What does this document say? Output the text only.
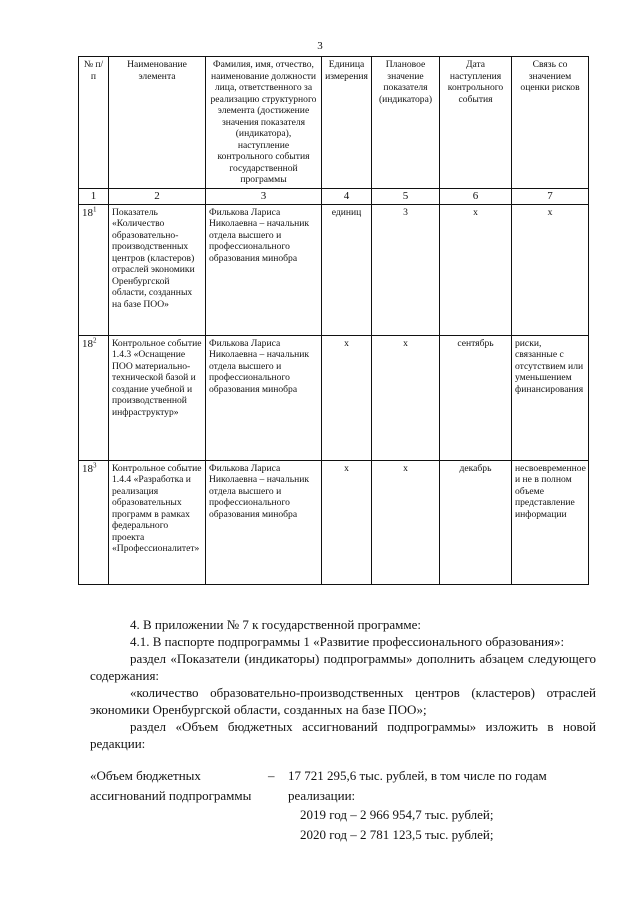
3
№ п/п	Наименование элемента	Фамилия, имя, отчество, наименование должности лица, ответственного за реализацию структурного элемента (достижение значения показателя (индикатора), наступление контрольного события государственной программы	Единица измерения	Плановое значение показателя (индикатора)	Дата наступления контрольного события	Связь со значением оценки рисков
1	2	3	4	5	6	7
$18^1$	Показатель «Количество образовательно-производственных центров (кластеров) отраслей экономики Оренбургской области, созданных на базе ПОО»	Филькова Лариса Николаевна – начальник отдела высшего и профессионального образования минобра	единиц	3	х	х
$18^2$	Контрольное событие 1.4.3 «Оснащение ПОО материально-технической базой и создание учебной и производственной инфраструктур»	Филькова Лариса Николаевна – начальник отдела высшего и профессионального образования минобра	х	х	сентябрь	риски, связанные с отсутствием или уменьшением финансирования
$18^3$	Контрольное событие 1.4.4 «Разработка и реализация образовательных программ в рамках федерального проекта «Профессионалитет»	Филькова Лариса Николаевна – начальник отдела высшего и профессионального образования минобра	х	х	декабрь	несвоевременное и не в полном объеме представление информации

4. В приложении № 7 к государственной программе:

4.1. В паспорте подпрограммы 1 «Развитие профессионального образования»:

раздел «Показатели (индикаторы) подпрограммы» дополнить абзацем следующего содержания:

«количество образовательно-производственных центров (кластеров) отраслей экономики Оренбургской области, созданных на базе ПОО»;

раздел «Объем бюджетных ассигнований подпрограммы» изложить в новой редакции:

«Объем бюджетных ассигнований подпрограммы
– 17 721 295,6 тыс. рублей, в том числе по годам реализации:
2019 год – 2 966 954,7 тыс. рублей;
2020 год – 2 781 123,5 тыс. рублей;
